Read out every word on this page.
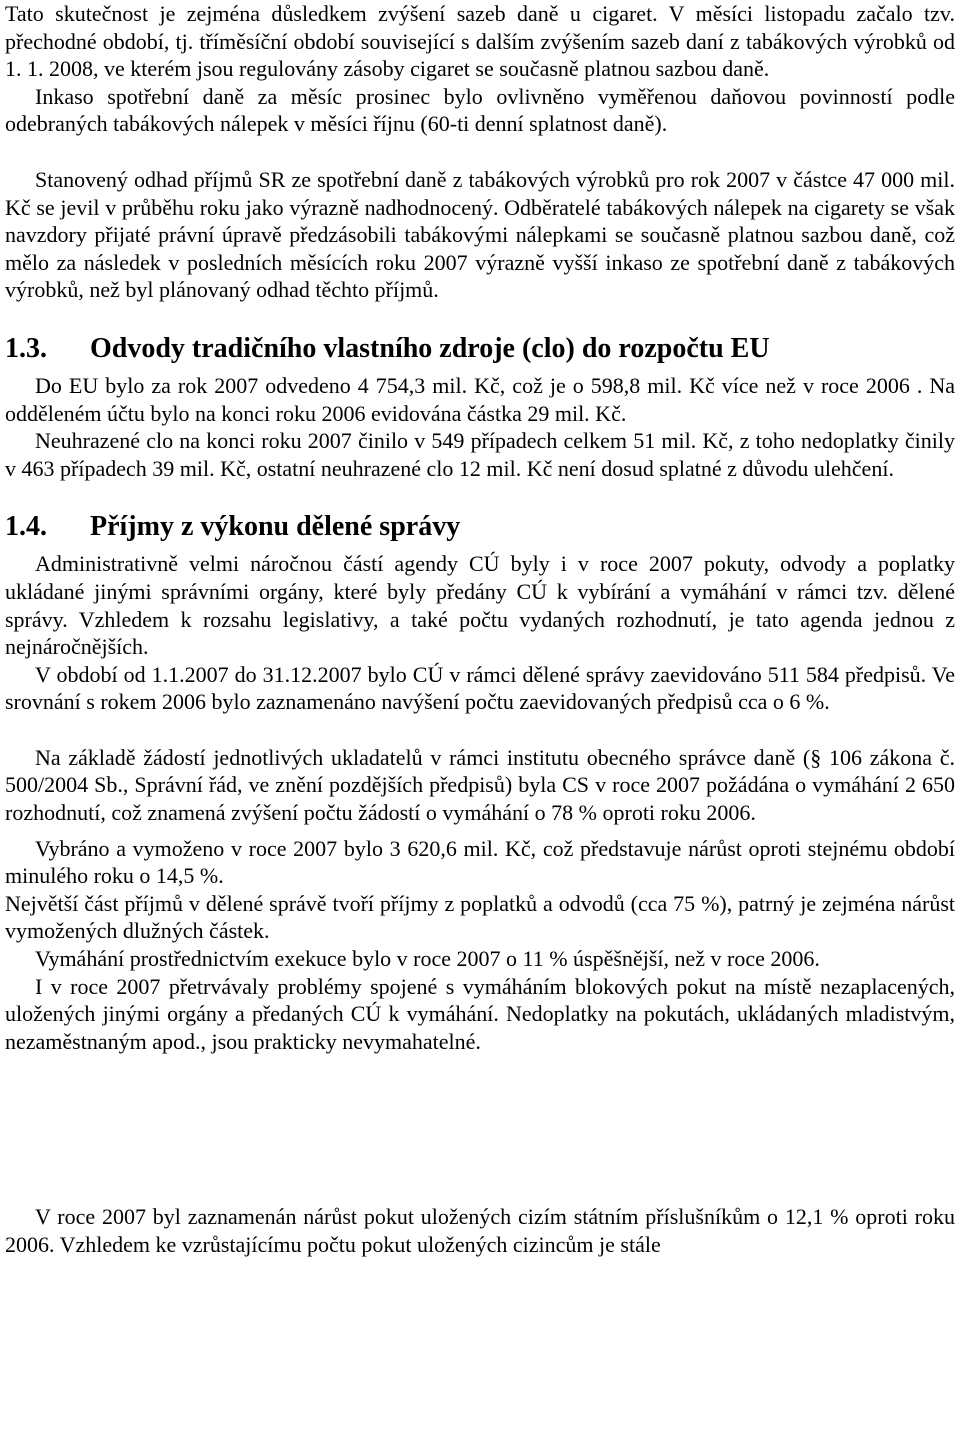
Tato skutečnost je zejména důsledkem zvýšení sazeb daně u cigaret. V měsíci listopadu začalo tzv. přechodné období, tj. tříměsíční období související s dalším zvýšením sazeb daní z tabákových výrobků od 1. 1. 2008, ve kterém jsou regulovány zásoby cigaret se současně platnou sazbou daně.

Inkaso spotřební daně za měsíc prosinec bylo ovlivněno vyměřenou daňovou povinností podle odebraných tabákových nálepek v měsíci říjnu (60-ti denní splatnost daně).

Stanovený odhad příjmů SR ze spotřební daně z tabákových výrobků pro rok 2007 v částce 47 000 mil. Kč se jevil v průběhu roku jako výrazně nadhodnocený. Odběratelé tabákových nálepek na cigarety se však navzdory přijaté právní úpravě předzásobili tabákovými nálepkami se současně platnou sazbou daně, což mělo za následek v posledních měsících roku 2007 výrazně vyšší inkaso ze spotřební daně z tabákových výrobků, než byl plánovaný odhad těchto příjmů.

1.3.	Odvody tradičního vlastního zdroje (clo) do rozpočtu EU

Do EU bylo za rok 2007 odvedeno 4 754,3 mil. Kč, což je o 598,8 mil. Kč více než v roce 2006 . Na odděleném účtu bylo na konci roku 2006 evidována částka 29 mil. Kč.

Neuhrazené clo na konci roku 2007 činilo v 549 případech celkem 51 mil. Kč, z toho nedoplatky činily v 463 případech 39 mil. Kč, ostatní neuhrazené clo 12 mil. Kč není dosud splatné z důvodu ulehčení.

1.4.	Příjmy z výkonu dělené správy

Administrativně velmi náročnou částí agendy CÚ byly i v roce 2007 pokuty, odvody a poplatky ukládané jinými správními orgány, které byly předány CÚ k vybírání a vymáhání v rámci tzv. dělené správy. Vzhledem k rozsahu legislativy, a také počtu vydaných rozhodnutí, je tato agenda jednou z nejnáročnějších.

V období od 1.1.2007 do 31.12.2007 bylo CÚ v rámci dělené správy zaevidováno 511 584 předpisů. Ve srovnání s rokem 2006 bylo zaznamenáno navýšení počtu zaevidovaných předpisů cca o 6 %.

Na základě žádostí jednotlivých ukladatelů v rámci institutu obecného správce daně (§ 106 zákona č. 500/2004 Sb., Správní řád, ve znění pozdějších předpisů) byla CS v roce 2007 požádána o vymáhání 2 650 rozhodnutí, což znamená zvýšení počtu žádostí o vymáhání o 78 % oproti roku 2006.

Vybráno a vymoženo v roce 2007 bylo 3 620,6 mil. Kč, což představuje nárůst oproti stejnému období minulého roku o 14,5 %.

Největší část příjmů v dělené správě tvoří příjmy z poplatků a odvodů (cca 75 %), patrný je zejména nárůst vymožených dlužných částek.

Vymáhání prostřednictvím exekuce bylo v roce 2007 o 11 % úspěšnější, než v roce 2006.

I v roce 2007 přetrvávaly problémy spojené s vymáháním blokových pokut na místě nezaplacených, uložených jinými orgány a předaných CÚ k vymáhání. Nedoplatky na pokutách, ukládaných mladistvým, nezaměstnaným apod., jsou prakticky nevymahatelné.

V roce 2007 byl zaznamenán nárůst pokut uložených cizím státním příslušníkům o 12,1 % oproti roku 2006. Vzhledem ke vzrůstajícímu počtu pokut uložených cizincům je stále
